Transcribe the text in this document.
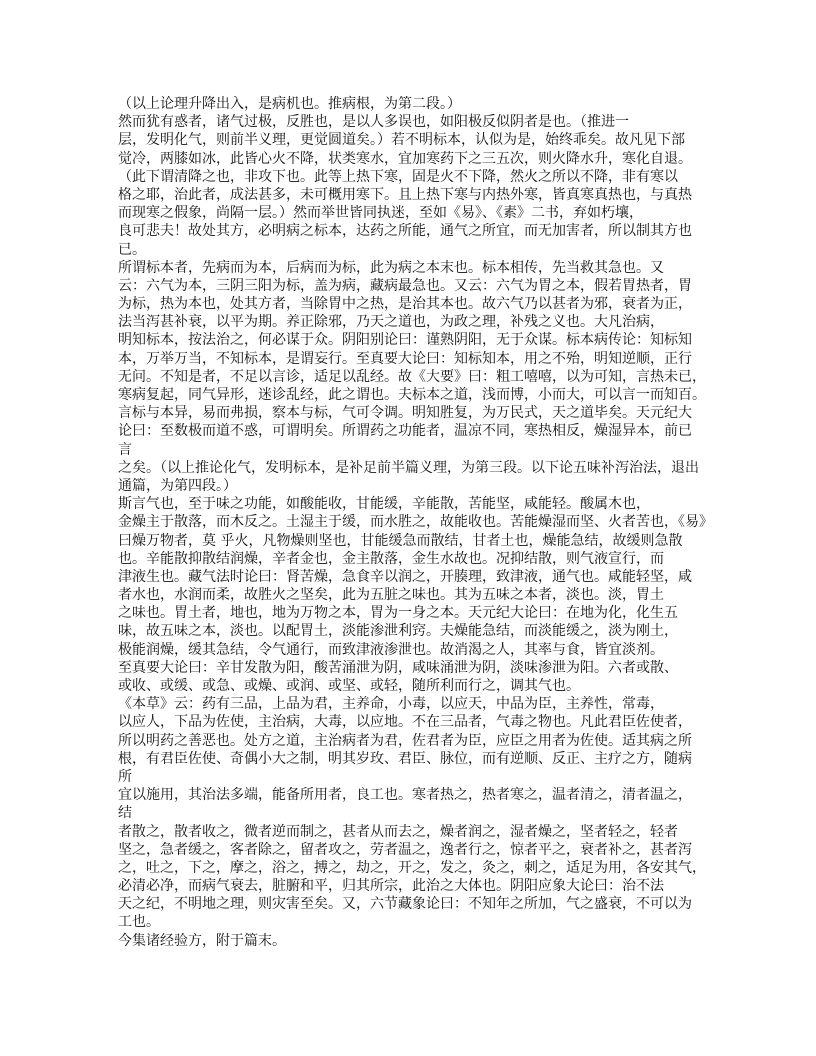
（以上论理升降出入，是病机也。推病根，为第二段。）
然而犹有惑者，诸气过极，反胜也，是以人多误也，如阳极反似阴者是也。（推进一
层，发明化气，则前半义理，更觉圆道矣。）若不明标本，认似为是，始终乖矣。故凡见下部
觉冷，两膝如冰，此皆心火不降，状类寒水，宜加寒药下之三五次，则火降水升，寒化自退。
（此下谓清降之也，非攻下也。此等上热下寒，固是火不下降，然火之所以不降，非有寒以
格之耶，治此者，成法甚多，未可概用寒下。且上热下寒与内热外寒，皆真寒真热也，与真热
而现寒之假象，尚隔一层。）然而举世皆同执迷，至如《易》、《素》二书，弃如朽壤，
良可悲夫！故处其方，必明病之标本，达药之所能，通气之所宜，而无加害者，所以制其方也
已。
所谓标本者，先病而为本，后病而为标，此为病之本末也。标本相传，先当救其急也。又
云：六气为本，三阴三阳为标，盖为病，藏病最急也。又云：六气为胃之本，假若胃热者，胃
为标，热为本也，处其方者，当除胃中之热，是治其本也。故六气乃以甚者为邪，衰者为正，
法当泻甚补衰，以平为期。养正除邪，乃天之道也，为政之理，补残之义也。大凡治病，
明知标本，按法治之，何必谋于众。阴阳别论曰：谨熟阴阳，无于众谋。标本病传论：知标知
本，万举万当，不知标本，是谓妄行。至真要大论曰：知标知本，用之不殆，明知逆顺，正行
无问。不知是者，不足以言诊，适足以乱经。故《大要》曰：粗工嘻嘻，以为可知，言热未已，
寒病复起，同气异形，迷诊乱经，此之谓也。夫标本之道，浅而博，小而大，可以言一而知百。
言标与本异，易而弗损，察本与标，气可令调。明知胜复，为万民式，天之道毕矣。天元纪大
论曰：至数极而道不惑，可谓明矣。所谓药之功能者，温凉不同，寒热相反，燥湿异本，前已
言
之矣。（以上推论化气，发明标本，是补足前半篇义理，为第三段。以下论五味补泻治法，退出
通篇，为第四段。）
斯言气也，至于味之功能，如酸能收，甘能缓，辛能散，苦能坚，咸能轻。酸属木也，
金燥主于散落，而木反之。土湿主于缓，而水胜之，故能收也。苦能燥湿而坚、火者苦也，《易》
曰燥万物者，莫 乎火，凡物燥则坚也，甘能缓急而散结，甘者土也，燥能急结，故缓则急散
也。辛能散抑散结润燥，辛者金也，金主散落，金生水故也。况抑结散，则气液宣行，而
津液生也。藏气法时论曰：肾苦燥，急食辛以润之，开腠理，致津液，通气也。咸能轻坚，咸
者水也，水润而柔，故胜火之坚矣，此为五脏之味也。其为五味之本者，淡也。淡，胃土
之味也。胃土者，地也，地为万物之本，胃为一身之本。天元纪大论曰：在地为化，化生五
味，故五味之本，淡也。以配胃土，淡能渗泄利窍。夫燥能急结，而淡能缓之，淡为刚土，
极能润燥，缓其急结，令气通行，而致津液渗泄也。故消渴之人，其率与食，皆宜淡剂。
至真要大论曰：辛甘发散为阳，酸苦涌泄为阴，咸味涌泄为阴，淡味渗泄为阳。六者或散、
或收、或缓、或急、或燥、或润、或坚、或轻，随所利而行之，调其气也。
《本草》云：药有三品，上品为君，主养命，小毒，以应天，中品为臣，主养性，常毒，
以应人，下品为佐使，主治病，大毒，以应地。不在三品者，气毒之物也。凡此君臣佐使者，
所以明药之善恶也。处方之道，主治病者为君，佐君者为臣，应臣之用者为佐使。适其病之所
根，有君臣佐使、奇偶小大之制，明其岁玫、君臣、脉位，而有逆顺、反正、主疗之方，随病
所
宜以施用，其治法多端，能备所用者，良工也。寒者热之，热者寒之，温者清之，清者温之，
结
者散之，散者收之，微者逆而制之，甚者从而去之，燥者润之，湿者燥之，坚者轻之，轻者
坚之，急者缓之，客者除之，留者攻之，劳者温之，逸者行之，惊者平之，衰者补之，甚者泻
之，吐之，下之，摩之，浴之，搏之，劫之，开之，发之，灸之，刺之，适足为用，各安其气，
必清必净，而病气衰去，脏腑和平，归其所宗，此治之大体也。阴阳应象大论曰：治不法
天之纪，不明地之理，则灾害至矣。又，六节藏象论曰：不知年之所加，气之盛衰，不可以为
工也。
今集诸经验方，附于篇末。
